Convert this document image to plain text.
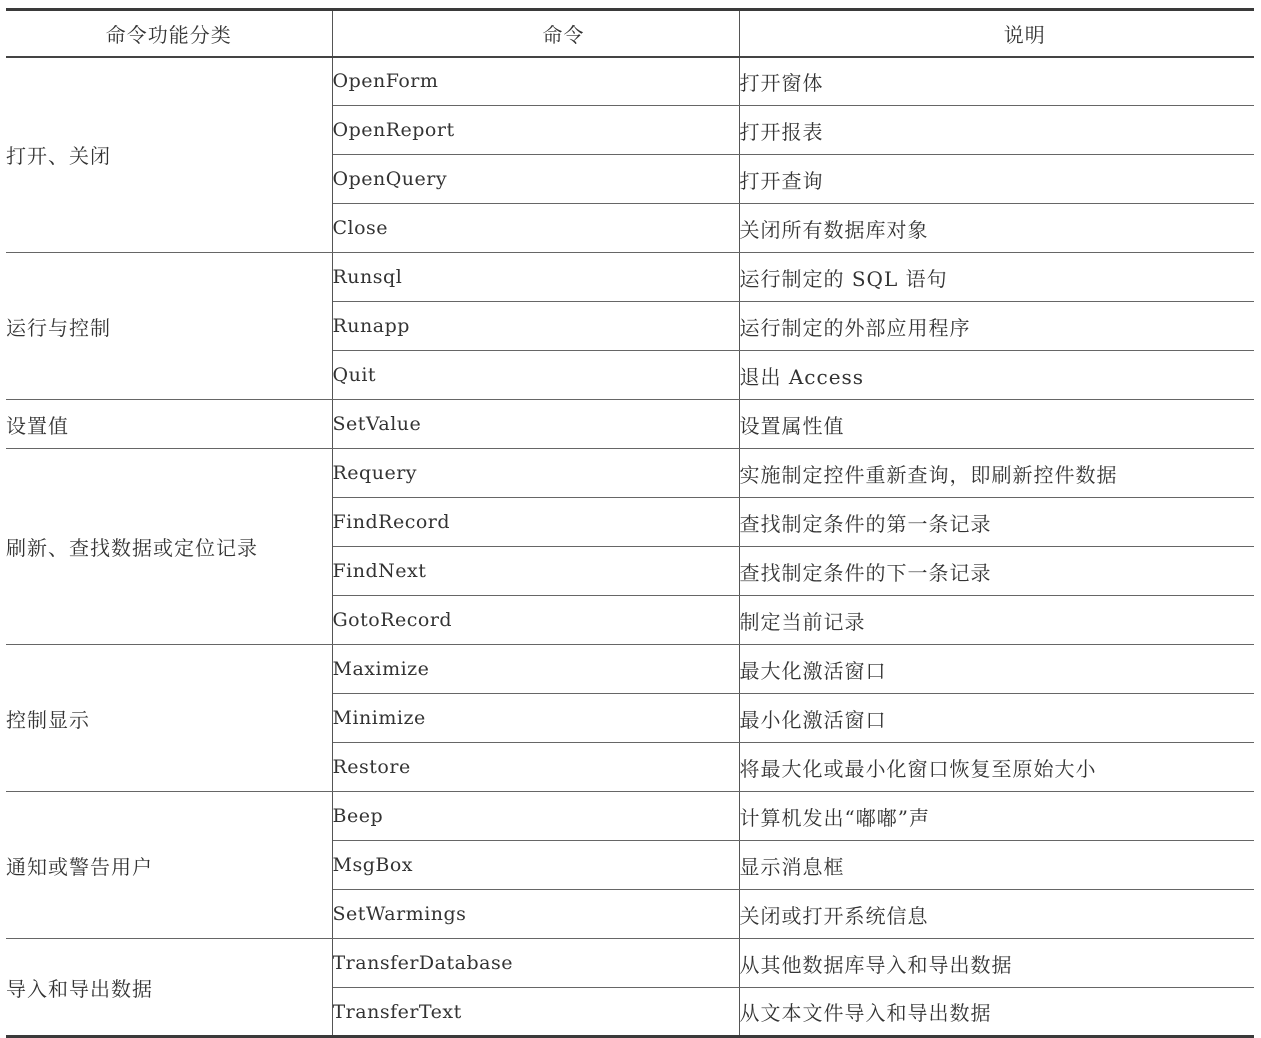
命令功能分类	命令	说明
打开、关闭	OpenForm	打开窗体
	OpenReport	打开报表
	OpenQuery	打开查询
	Close	关闭所有数据库对象
运行与控制	Runsql	运行制定的 SQL 语句
	Runapp	运行制定的外部应用程序
	Quit	退出 Access
设置值	SetValue	设置属性值
刷新、查找数据或定位记录	Requery	实施制定控件重新查询，即刷新控件数据
	FindRecord	查找制定条件的第一条记录
	FindNext	查找制定条件的下一条记录
	GotoRecord	制定当前记录
控制显示	Maximize	最大化激活窗口
	Minimize	最小化激活窗口
	Restore	将最大化或最小化窗口恢复至原始大小
通知或警告用户	Beep	计算机发出“嘟嘟”声
	MsgBox	显示消息框
	SetWarmings	关闭或打开系统信息
导入和导出数据	TransferDatabase	从其他数据库导入和导出数据
	TransferText	从文本文件导入和导出数据
